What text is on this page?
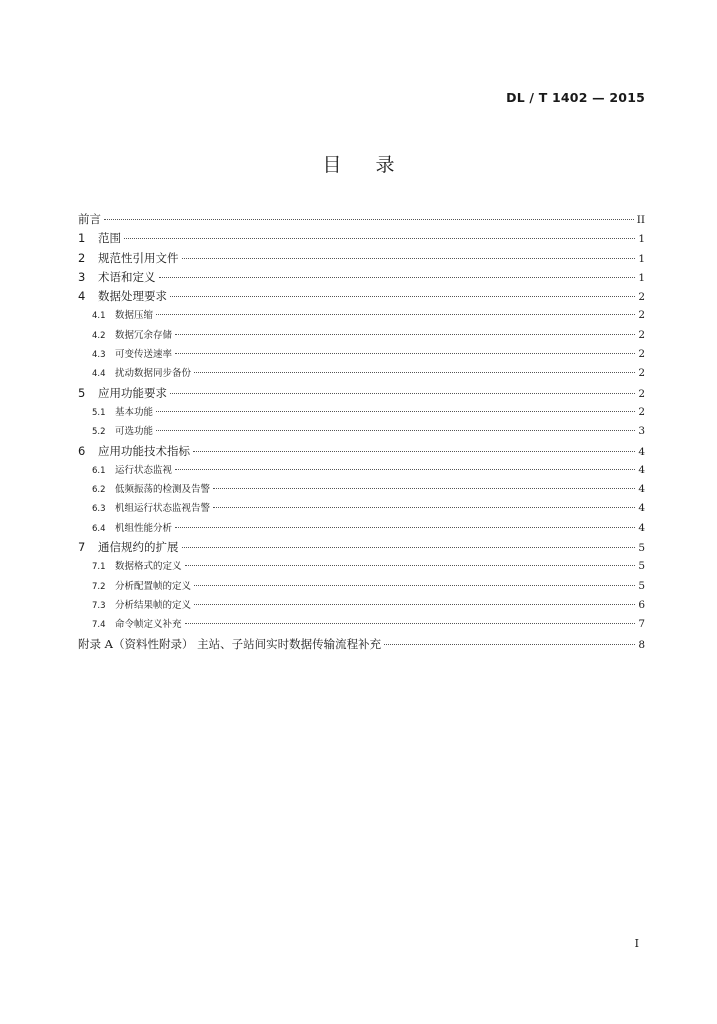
DL / T 1402 — 2015
目 录
前言	II
1	范围	1
2	规范性引用文件	1
3	术语和定义	1
4	数据处理要求	2
4.1 数据压缩	2
4.2 数据冗余存储	2
4.3 可变传送速率	2
4.4 扰动数据同步备份	2
5	应用功能要求	2
5.1 基本功能	2
5.2 可选功能	3
6	应用功能技术指标	4
6.1 运行状态监视	4
6.2 低频振荡的检测及告警	4
6.3 机组运行状态监视告警	4
6.4 机组性能分析	4
7	通信规约的扩展	5
7.1 数据格式的定义	5
7.2 分析配置帧的定义	5
7.3 分析结果帧的定义	6
7.4 命令帧定义补充	7
附录 A（资料性附录） 主站、子站间实时数据传输流程补充	8
I
